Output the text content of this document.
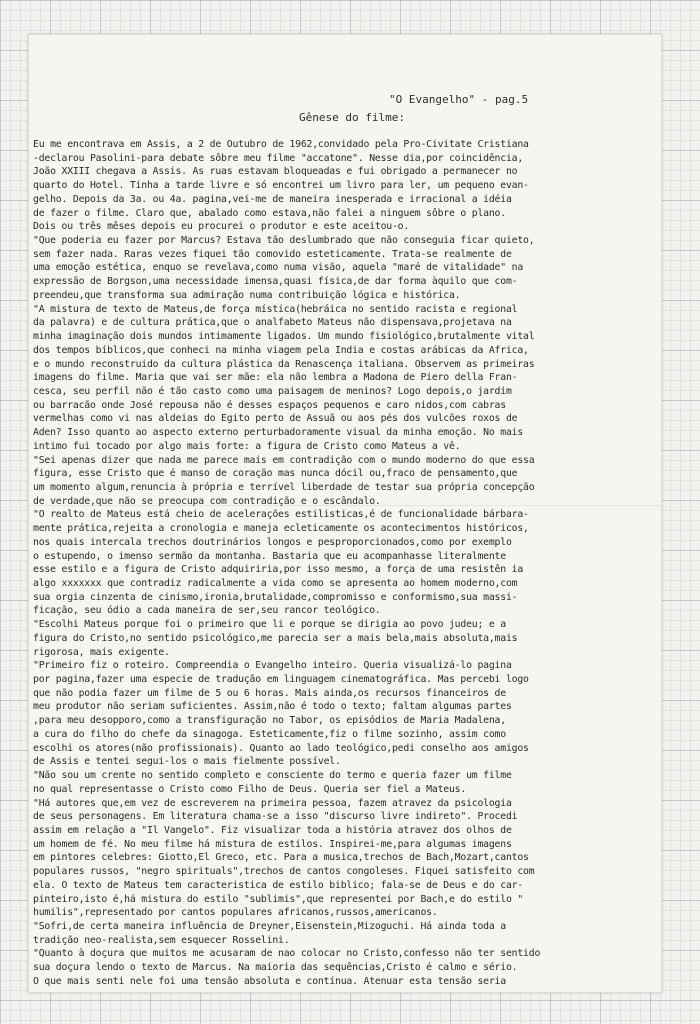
"O Evangelho" - pag.5
Gênese do filme:
Eu me encontrava em Assis, a 2 de Outubro de 1962,convidado pela Pro-Civitate Cristiana
-declarou Pasolini-para debate sôbre meu filme "accatone". Nesse dia,por coincidência,
João XXIII chegava a Assis. As ruas estavam bloqueadas e fui obrigado a permanecer no
quarto do Hotel. Tinha a tarde livre e só encontrei um livro para ler, um pequeno evan-
gelho. Depois da 3a. ou 4a. pagina,vei-me de maneira inesperada e irracional a idéia
de fazer o filme. Claro que, abalado como estava,não falei a ninguem sôbre o plano.
Dois ou três mêses depois eu procurei o produtor e este aceitou-o.
"Que poderia eu fazer por Marcus? Estava tão deslumbrado que não conseguia ficar quieto,
sem fazer nada. Raras vezes fiquei tão comovido esteticamente. Trata-se realmente de
uma emoção estética, enquo se revelava,como numa visão, aquela "maré de vitalidade" na
expressão de Borgson,uma necessidade imensa,quasi física,de dar forma àquilo que com-
preendeu,que transforma sua admiração numa contribuição lógica e histórica.
"A mistura de texto de Mateus,de força mística(hebráica no sentido racista e regional
da palavra) e de cultura prática,que o analfabeto Mateus não dispensava,projetava na
minha imaginação dois mundos intimamente ligados. Um mundo fisiológico,brutalmente vital
dos tempos bíblicos,que conheci na minha viagem pela India e costas arábicas da Africa,
e o mundo reconstruido da cultura plástica da Renascença italiana. Observem as primeiras
imagens do filme. Maria que vai ser mãe: ela não lembra a Madona de Piero della Fran-
cesca, seu perfil não é tão casto como uma paisagem de meninos? Logo depois,o jardim
ou barracão onde José repousa não é desses espaços pequenos e caro nidos,com cabras
vermelhas como vi nas aldeias do Egito perto de Assuã ou aos pés dos vulcões roxos de
Aden? Isso quanto ao aspecto externo perturbadoramente visual da minha emoção. No mais
intimo fui tocado por algo mais forte: a figura de Cristo como Mateus a vê.
"Sei apenas dizer que nada me parece mais em contradição com o mundo moderno do que essa
figura, esse Cristo que é manso de coração mas nunca dócil ou,fraco de pensamento,que
um momento algum,renuncia à própria e terrível liberdade de testar sua própria concepção
de verdade,que não se preocupa com contradição e o escândalo.
"O realto de Mateus está cheio de acelerações estilisticas,é de funcionalidade bárbara-
mente prática,rejeita a cronologia e maneja ecleticamente os acontecimentos históricos,
nos quais intercala trechos doutrinários longos e pesproporcionados,como por exemplo
o estupendo, o imenso sermão da montanha. Bastaria que eu acompanhasse literalmente
esse estilo e a figura de Cristo adquiriria,por isso mesmo, a força de uma resistên ia
algo xxxxxxx que contradiz radicalmente a vida como se apresenta ao homem moderno,com
sua orgia cinzenta de cinismo,ironia,brutalidade,compromisso e conformismo,sua massi-
ficação, seu ódio a cada maneira de ser,seu rancor teológico.
"Escolhi Mateus porque foi o primeiro que li e porque se dirigia ao povo judeu; e a
figura do Cristo,no sentido psicológico,me parecia ser a mais bela,mais absoluta,mais
rigorosa, mais exigente.
"Primeiro fiz o roteiro. Compreendia o Evangelho inteiro. Queria visualizá-lo pagina
por pagina,fazer uma especie de tradução em linguagem cinematográfica. Mas percebi logo
que não podia fazer um filme de 5 ou 6 horas. Mais ainda,os recursos financeiros de
meu produtor não seriam suficientes. Assim,não é todo o texto; faltam algumas partes
,para meu desopporo,como a transfiguração no Tabor, os episódios de Maria Madalena,
a cura do filho do chefe da sinagoga. Esteticamente,fiz o filme sozinho, assim como
escolhi os atores(não profissionais). Quanto ao lado teológico,pedi conselho aos amigos
de Assis e tentei segui-los o mais fielmente possível.
"Não sou um crente no sentido completo e consciente do termo e queria fazer um filme
no qual representasse o Cristo como Filho de Deus. Queria ser fiel a Mateus.
"Há autores que,em vez de escreverem na primeira pessoa, fazem atravez da psicologia
de seus personagens. Em literatura chama-se a isso "discurso livre indireto". Procedi
assim em relação a "Il Vangelo". Fiz visualizar toda a história atravez dos olhos de
um homem de fé. No meu filme há mistura de estilos. Inspirei-me,para algumas imagens
em pintores celebres: Giotto,El Greco, etc. Para a musica,trechos de Bach,Mozart,cantos
populares russos, "negro spirituals",trechos de cantos congoleses. Fiquei satisfeito com
ela. O texto de Mateus tem caracteristica de estilo biblico; fala-se de Deus e do car-
pinteiro,isto é,há mistura do estilo "sublimis",que representei por Bach,e do estilo "
humilis",representado por cantos populares africanos,russos,americanos.
"Sofri,de certa maneira influência de Dreyner,Eisenstein,Mizoguchi. Há ainda toda a
tradição neo-realista,sem esquecer Rosselini.
"Quanto à doçura que muitos me acusaram de nao colocar no Cristo,confesso não ter sentido
sua doçura lendo o texto de Marcus. Na maioria das sequências,Cristo é calmo e sério.
O que mais senti nele foi uma tensão absoluta e contínua. Atenuar esta tensão seria
